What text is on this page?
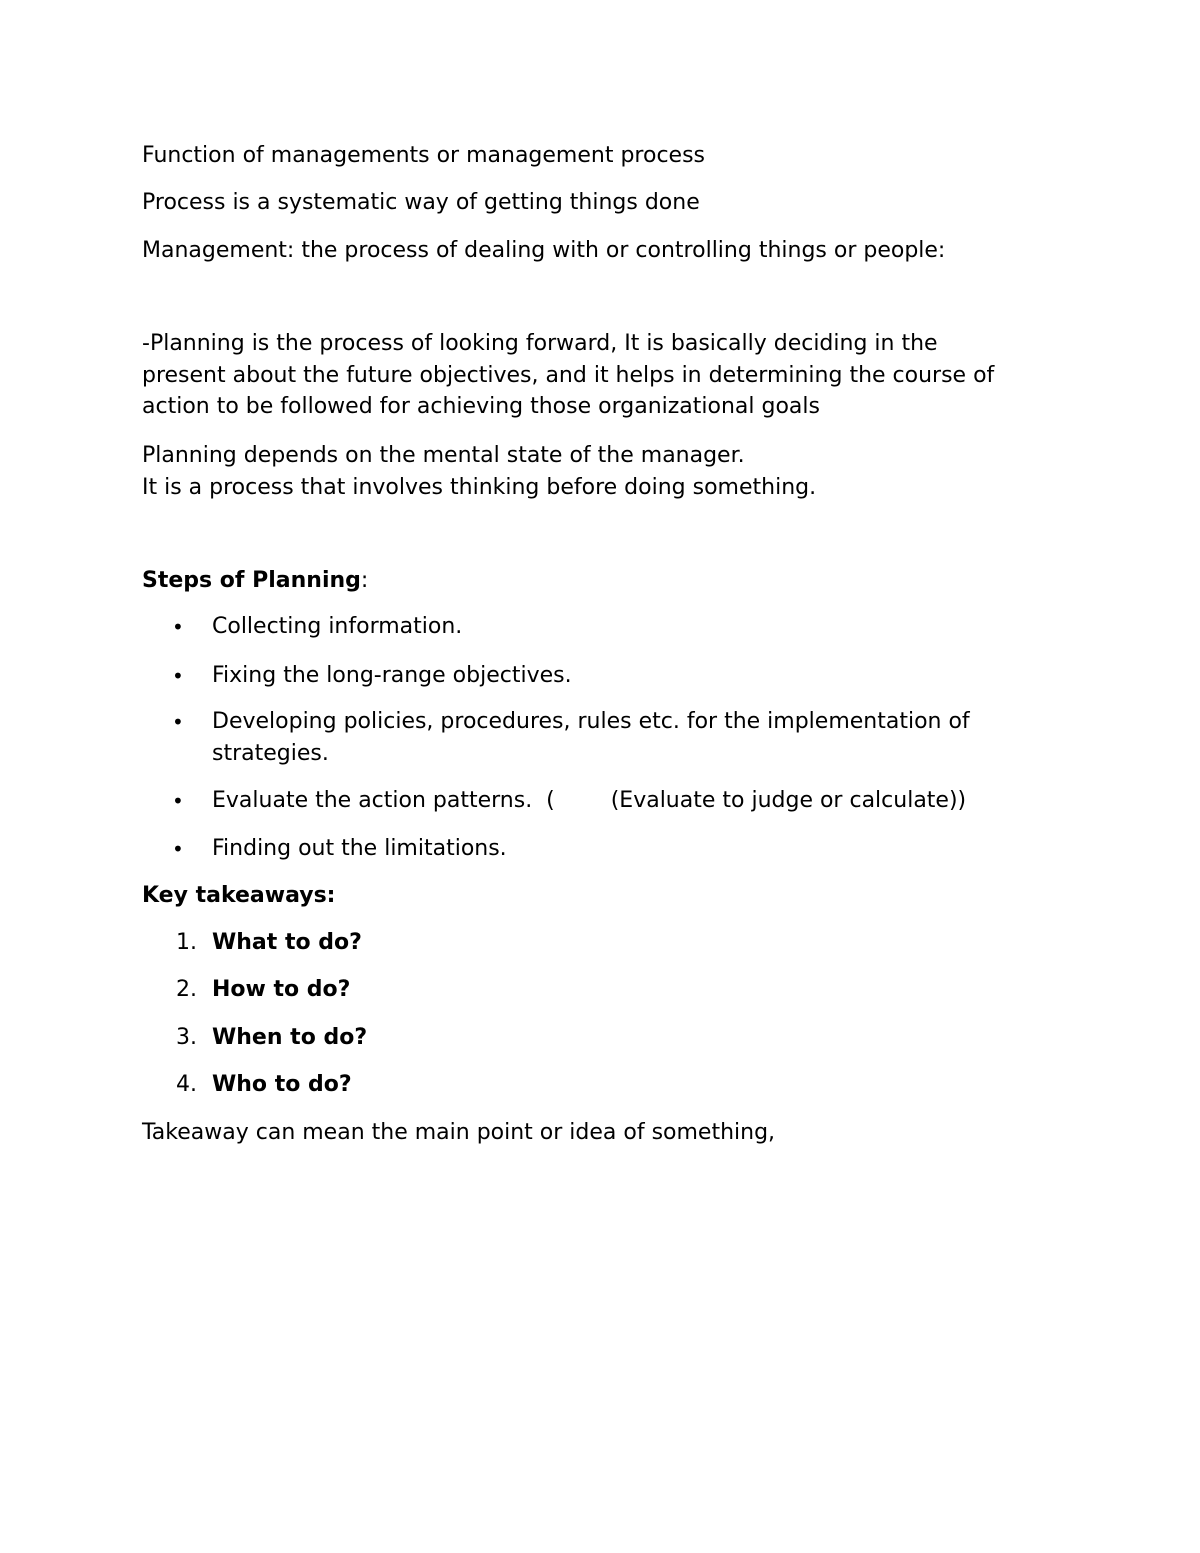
Function of managements or management process
Process is a systematic way of getting things done
Management: the process of dealing with or controlling things or people:
-Planning is the process of looking forward, It is basically deciding in the
present about the future objectives, and it helps in determining the course of
action to be followed for achieving those organizational goals
Planning depends on the mental state of the manager.
It is a process that involves thinking before doing something.
Steps of Planning:
• Collecting information.
• Fixing the long-range objectives.
• Developing policies, procedures, rules etc. for the implementation of
strategies.
• Evaluate the action patterns.  (        (Evaluate to judge or calculate))
• Finding out the limitations.
Key takeaways:
1. What to do?
2. How to do?
3. When to do?
4. Who to do?
Takeaway can mean the main point or idea of something,
